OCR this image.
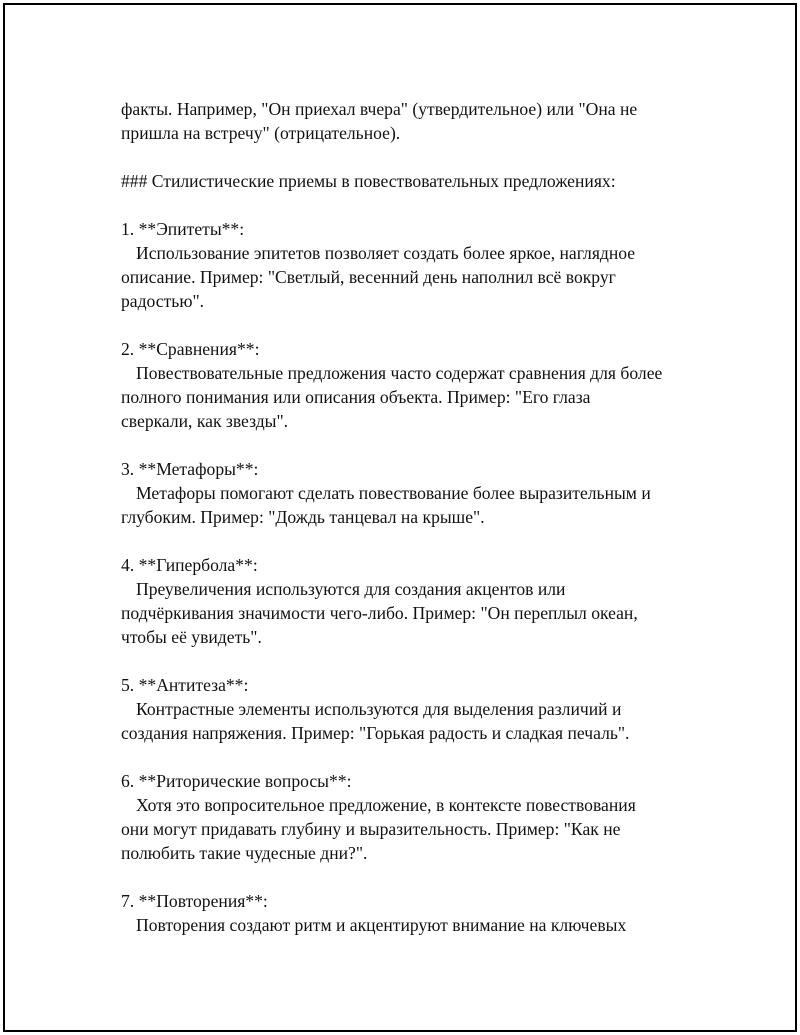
факты. Например, "Он приехал вчера" (утвердительное) или "Она не
пришла на встречу" (отрицательное).
### Стилистические приемы в повествовательных предложениях:
1. **Эпитеты**:
Использование эпитетов позволяет создать более яркое, наглядное
описание. Пример: "Светлый, весенний день наполнил всё вокруг
радостью".
2. **Сравнения**:
Повествовательные предложения часто содержат сравнения для более
полного понимания или описания объекта. Пример: "Его глаза
сверкали, как звезды".
3. **Метафоры**:
Метафоры помогают сделать повествование более выразительным и
глубоким. Пример: "Дождь танцевал на крыше".
4. **Гипербола**:
Преувеличения используются для создания акцентов или
подчёркивания значимости чего-либо. Пример: "Он переплыл океан,
чтобы её увидеть".
5. **Антитеза**:
Контрастные элементы используются для выделения различий и
создания напряжения. Пример: "Горькая радость и сладкая печаль".
6. **Риторические вопросы**:
Хотя это вопросительное предложение, в контексте повествования
они могут придавать глубину и выразительность. Пример: "Как не
полюбить такие чудесные дни?".
7. **Повторения**:
Повторения создают ритм и акцентируют внимание на ключевых
